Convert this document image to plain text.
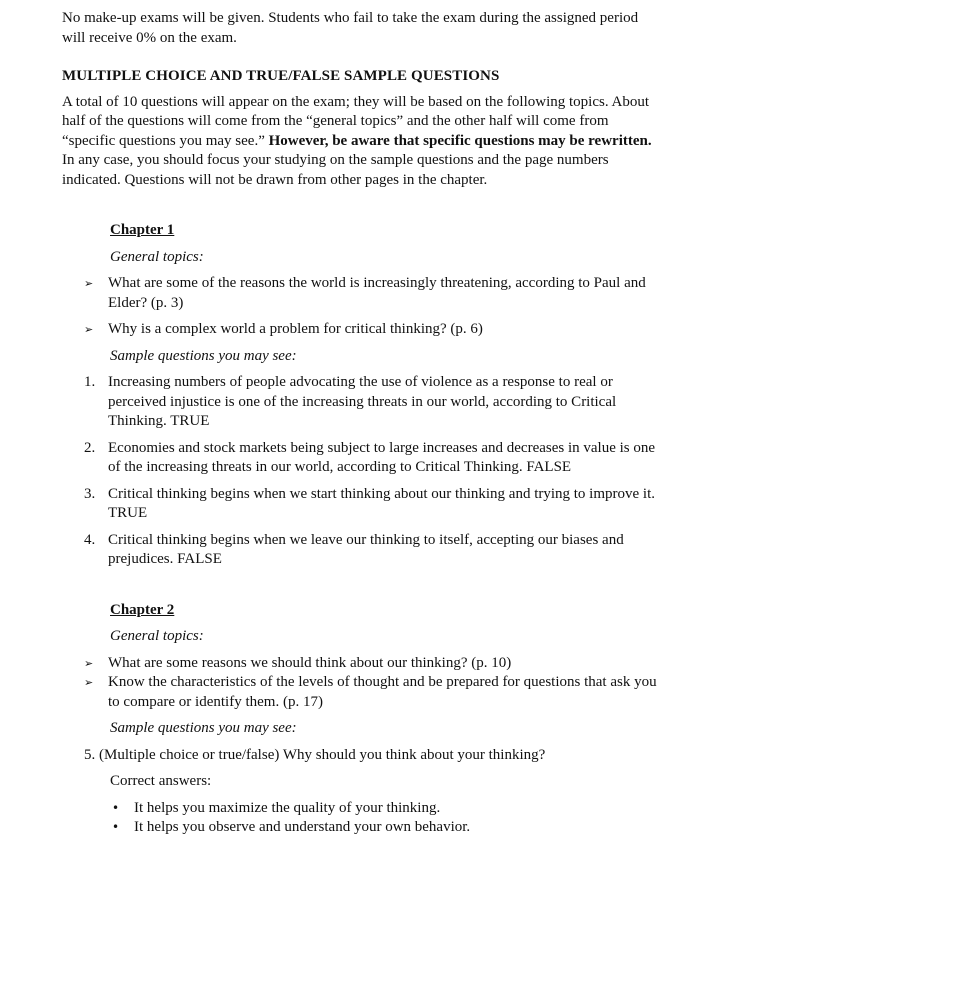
No make-up exams will be given. Students who fail to take the exam during the assigned period will receive 0% on the exam.

MULTIPLE CHOICE AND TRUE/FALSE SAMPLE QUESTIONS

A total of 10 questions will appear on the exam; they will be based on the following topics. About half of the questions will come from the “general topics” and the other half will come from “specific questions you may see.” However, be aware that specific questions may be rewritten. In any case, you should focus your studying on the sample questions and the page numbers indicated. Questions will not be drawn from other pages in the chapter.

Chapter 1

General topics:

➢ What are some of the reasons the world is increasingly threatening, according to Paul and Elder? (p. 3)
➢ Why is a complex world a problem for critical thinking? (p. 6)

Sample questions you may see:

1. Increasing numbers of people advocating the use of violence as a response to real or perceived injustice is one of the increasing threats in our world, according to Critical Thinking. TRUE
2. Economies and stock markets being subject to large increases and decreases in value is one of the increasing threats in our world, according to Critical Thinking. FALSE
3. Critical thinking begins when we start thinking about our thinking and trying to improve it. TRUE
4. Critical thinking begins when we leave our thinking to itself, accepting our biases and prejudices. FALSE

Chapter 2

General topics:

➢ What are some reasons we should think about our thinking? (p. 10)
➢ Know the characteristics of the levels of thought and be prepared for questions that ask you to compare or identify them. (p. 17)

Sample questions you may see:

5. (Multiple choice or true/false) Why should you think about your thinking?

Correct answers:

• It helps you maximize the quality of your thinking.
• It helps you observe and understand your own behavior.
